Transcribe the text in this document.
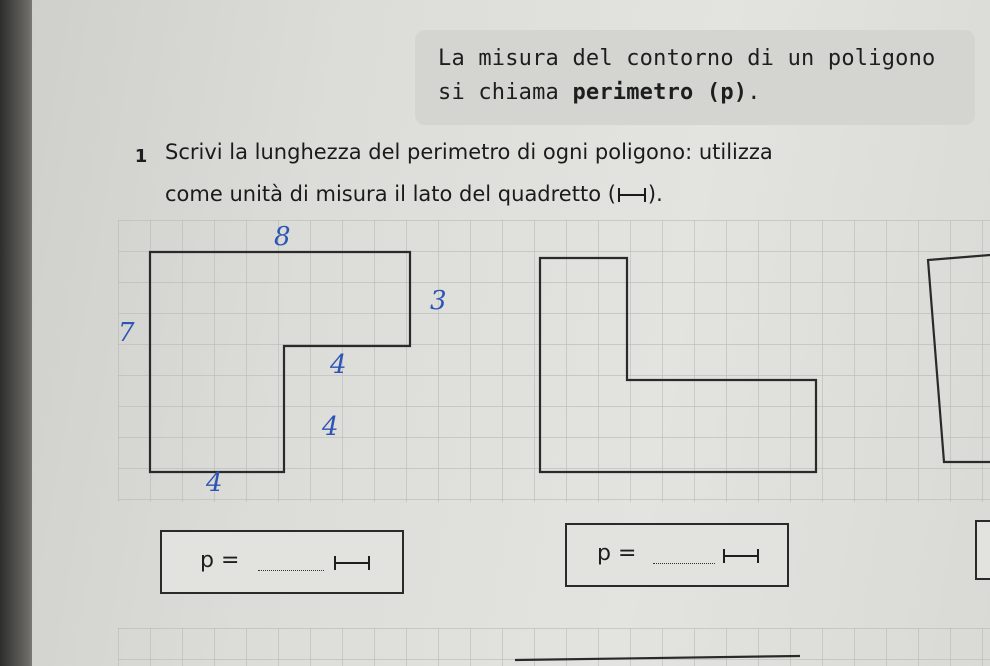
La misura del contorno di un poligono
si chiama perimetro (p).
1 Scrivi la lunghezza del perimetro di ogni poligono: utilizza
come unità di misura il lato del quadretto ( ).
8
3
7
4
4
4
p =	p =
